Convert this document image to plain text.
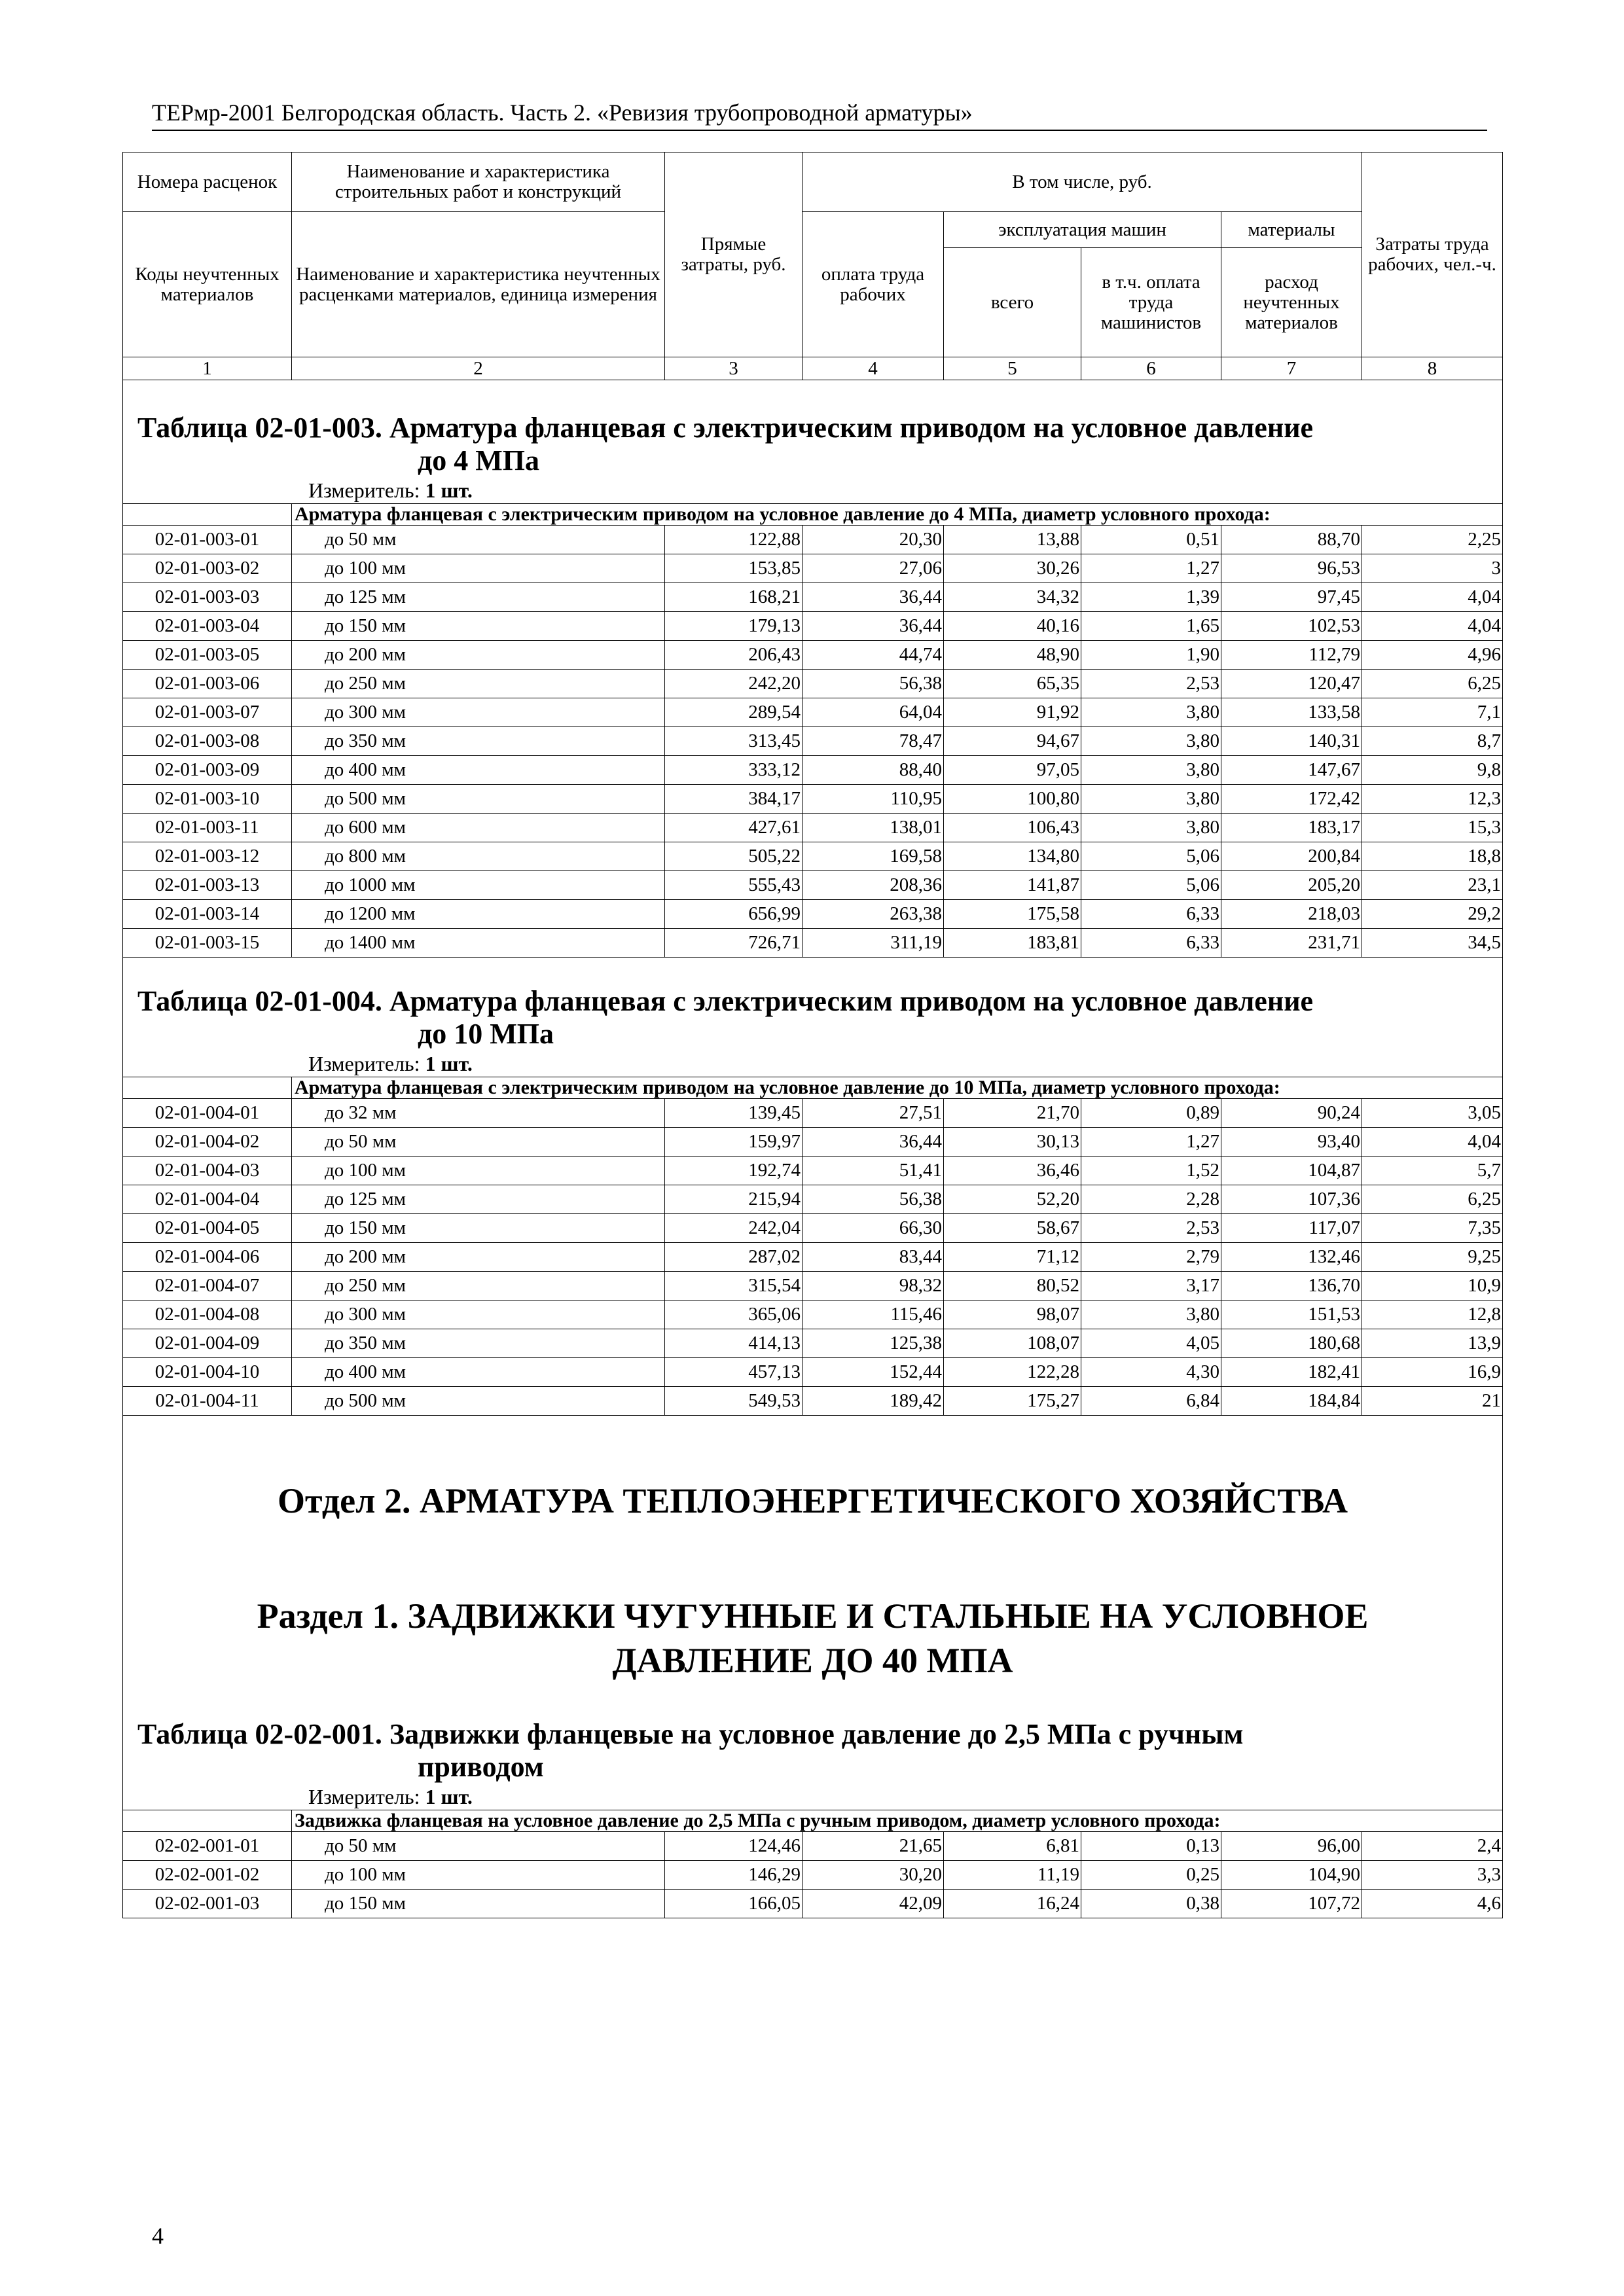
ТЕРмр-2001 Белгородская область. Часть 2. «Ревизия трубопроводной арматуры»
Номера расценок	Наименование и характеристика строительных работ и конструкций	Прямые затраты, руб.	В том числе, руб.				Затраты труда рабочих, чел.-ч.
Коды неучтенных материалов	Наименование и характеристика неучтенных расценками материалов, единица измерения		оплата труда рабочих	эксплуатация машин		материалы	
				всего	в т.ч. оплата труда машинистов	расход неучтенных материалов	

1	2	3	4	5	6	7	8

Таблица 02-01-003. Арматура фланцевая с электрическим приводом на условное давление
до 4 МПа
Измеритель: 1 шт.							

	Арматура фланцевая с электрическим приводом на условное давление до 4 МПа, диаметр условного прохода:						
02-01-003-01	до 50 мм	122,88	20,30	13,88	0,51	88,70	2,25
02-01-003-02	до 100 мм	153,85	27,06	30,26	1,27	96,53	3
02-01-003-03	до 125 мм	168,21	36,44	34,32	1,39	97,45	4,04
02-01-003-04	до 150 мм	179,13	36,44	40,16	1,65	102,53	4,04
02-01-003-05	до 200 мм	206,43	44,74	48,90	1,90	112,79	4,96
02-01-003-06	до 250 мм	242,20	56,38	65,35	2,53	120,47	6,25
02-01-003-07	до 300 мм	289,54	64,04	91,92	3,80	133,58	7,1
02-01-003-08	до 350 мм	313,45	78,47	94,67	3,80	140,31	8,7
02-01-003-09	до 400 мм	333,12	88,40	97,05	3,80	147,67	9,8
02-01-003-10	до 500 мм	384,17	110,95	100,80	3,80	172,42	12,3
02-01-003-11	до 600 мм	427,61	138,01	106,43	3,80	183,17	15,3
02-01-003-12	до 800 мм	505,22	169,58	134,80	5,06	200,84	18,8
02-01-003-13	до 1000 мм	555,43	208,36	141,87	5,06	205,20	23,1
02-01-003-14	до 1200 мм	656,99	263,38	175,58	6,33	218,03	29,2
02-01-003-15	до 1400 мм	726,71	311,19	183,81	6,33	231,71	34,5

Таблица 02-01-004. Арматура фланцевая с электрическим приводом на условное давление
до 10 МПа
Измеритель: 1 шт.							

	Арматура фланцевая с электрическим приводом на условное давление до 10 МПа, диаметр условного прохода:						
02-01-004-01	до 32 мм	139,45	27,51	21,70	0,89	90,24	3,05
02-01-004-02	до 50 мм	159,97	36,44	30,13	1,27	93,40	4,04
02-01-004-03	до 100 мм	192,74	51,41	36,46	1,52	104,87	5,7
02-01-004-04	до 125 мм	215,94	56,38	52,20	2,28	107,36	6,25
02-01-004-05	до 150 мм	242,04	66,30	58,67	2,53	117,07	7,35
02-01-004-06	до 200 мм	287,02	83,44	71,12	2,79	132,46	9,25
02-01-004-07	до 250 мм	315,54	98,32	80,52	3,17	136,70	10,9
02-01-004-08	до 300 мм	365,06	115,46	98,07	3,80	151,53	12,8
02-01-004-09	до 350 мм	414,13	125,38	108,07	4,05	180,68	13,9
02-01-004-10	до 400 мм	457,13	152,44	122,28	4,30	182,41	16,9
02-01-004-11	до 500 мм	549,53	189,42	175,27	6,84	184,84	21

Отдел 2. АРМАТУРА ТЕПЛОЭНЕРГЕТИЧЕСКОГО ХОЗЯЙСТВА							

Раздел 1. ЗАДВИЖКИ ЧУГУННЫЕ И СТАЛЬНЫЕ НА УСЛОВНОЕ
ДАВЛЕНИЕ ДО 40 МПА							

Таблица 02-02-001. Задвижки фланцевые на условное давление до 2,5 МПа с ручным
приводом
Измеритель: 1 шт.							

	Задвижка фланцевая на условное давление до 2,5 МПа с ручным приводом, диаметр условного прохода:						
02-02-001-01	до 50 мм	124,46	21,65	6,81	0,13	96,00	2,4
02-02-001-02	до 100 мм	146,29	30,20	11,19	0,25	104,90	3,3
02-02-001-03	до 150 мм	166,05	42,09	16,24	0,38	107,72	4,6
4
